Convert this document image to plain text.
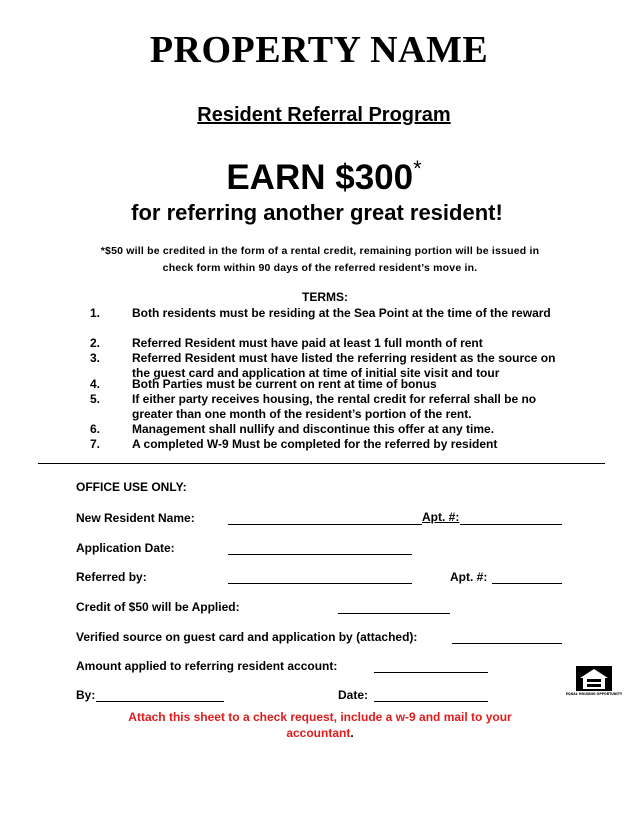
PROPERTY NAME
Resident Referral Program
EARN $300*
for referring another great resident!
*$50 will be credited in the form of a rental credit, remaining portion will be issued in
check form within 90 days of the referred resident’s move in.
TERMS:
1.	Both residents must be residing at the Sea Point at the time of the reward
2.	Referred Resident must have paid at least 1 full month of rent
3.	Referred Resident must have listed the referring resident as the source on the guest card and application at time of initial site visit and tour
4.	Both Parties must be current on rent at time of bonus
5.	If either party receives housing, the rental credit for referral shall be no greater than one month of the resident’s portion of the rent.
6.	Management shall nullify and discontinue this offer at any time.
7.	A completed W-9 Must be completed for the referred by resident
OFFICE USE ONLY:
New Resident Name:	Apt. #:
Application Date:
Referred by:	Apt. #:
Credit of $50 will be Applied:
Verified source on guest card and application by (attached):
Amount applied to referring resident account:
By:	Date:
Attach this sheet to a check request, include a w-9 and mail to your accountant.
EQUAL HOUSING OPPORTUNITY
